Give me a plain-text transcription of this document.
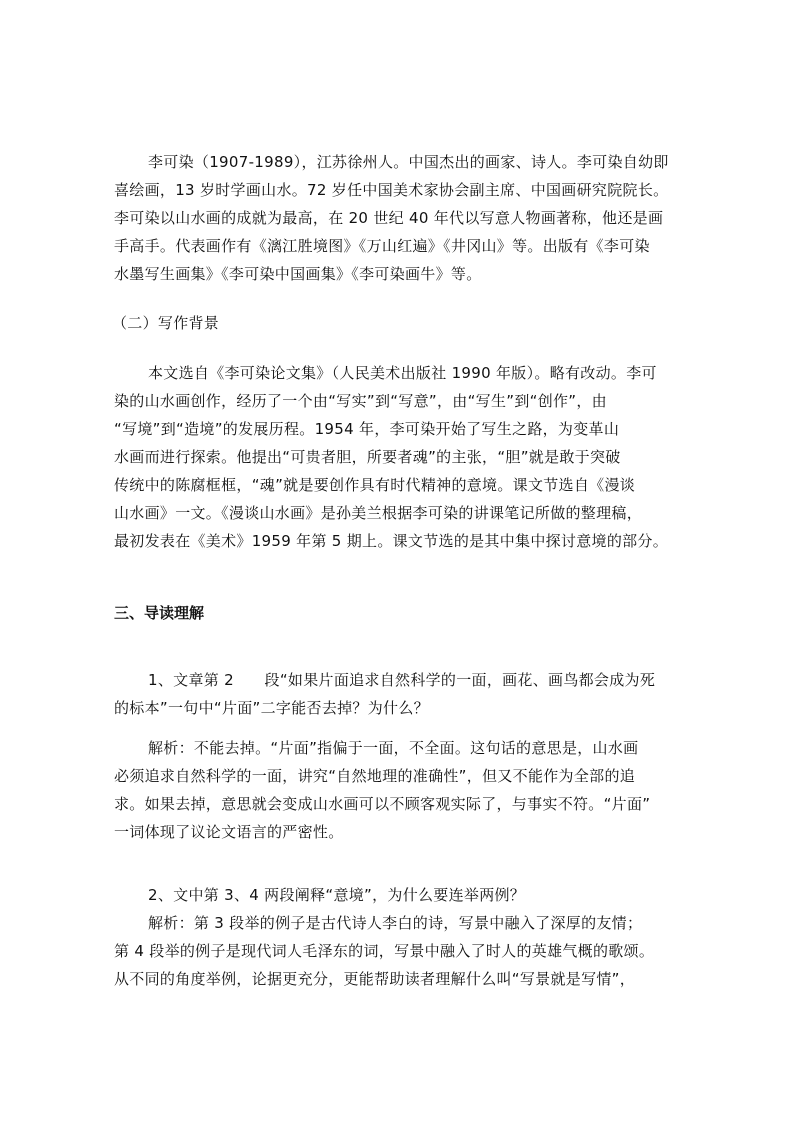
李可染（1907-1989），江苏徐州人。中国杰出的画家、诗人。李可染自幼即
喜绘画，13 岁时学画山水。72 岁任中国美术家协会副主席、中国画研究院院长。
李可染以山水画的成就为最高，在 20 世纪 40 年代以写意人物画著称，他还是画
手高手。代表画作有《漓江胜境图》《万山红遍》《井冈山》等。出版有《李可染
水墨写生画集》《李可染中国画集》《李可染画牛》等。
（二）写作背景
本文选自《李可染论文集》（人民美术出版社 1990 年版）。略有改动。李可
染的山水画创作，经历了一个由“写实”到“写意”，由“写生”到“创作”，由
“写境”到“造境”的发展历程。1954 年，李可染开始了写生之路，为变革山
水画而进行探索。他提出“可贵者胆，所要者魂”的主张，“胆”就是敢于突破
传统中的陈腐框框，“魂”就是要创作具有时代精神的意境。课文节选自《漫谈
山水画》一文。《漫谈山水画》是孙美兰根据李可染的讲课笔记所做的整理稿，
最初发表在《美术》1959 年第 5 期上。课文节选的是其中集中探讨意境的部分。
三、导读理解
1、文章第 2　　段“如果片面追求自然科学的一面，画花、画鸟都会成为死
的标本”一句中“片面”二字能否去掉？为什么？
解析：不能去掉。“片面”指偏于一面，不全面。这句话的意思是，山水画
必须追求自然科学的一面，讲究“自然地理的准确性”，但又不能作为全部的追
求。如果去掉，意思就会变成山水画可以不顾客观实际了，与事实不符。“片面”
一词体现了议论文语言的严密性。
2、文中第 3、4 两段阐释“意境”，为什么要连举两例？
解析：第 3 段举的例子是古代诗人李白的诗，写景中融入了深厚的友情；
第 4 段举的例子是现代词人毛泽东的词，写景中融入了时人的英雄气概的歌颂。
从不同的角度举例，论据更充分，更能帮助读者理解什么叫“写景就是写情”，
